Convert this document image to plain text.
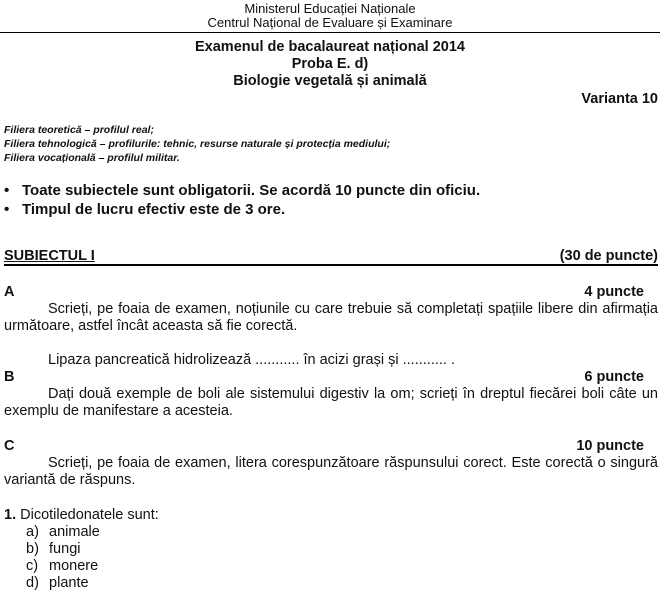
Ministerul Educației Naționale
Centrul Național de Evaluare și Examinare
Examenul de bacalaureat național 2014
Proba E. d)
Biologie vegetală și animală
Varianta 10
Filiera teoretică – profilul real;
Filiera tehnologică – profilurile: tehnic, resurse naturale și protecția mediului;
Filiera vocațională – profilul militar.
• Toate subiectele sunt obligatorii. Se acordă 10 puncte din oficiu.
• Timpul de lucru efectiv este de 3 ore.
SUBIECTUL I	(30 de puncte)
A	4 puncte
Scrieți, pe foaia de examen, noțiunile cu care trebuie să completați spațiile libere din afirmația următoare, astfel încât aceasta să fie corectă.
Lipaza pancreatică hidrolizează ........... în acizi grași și ........... .
B	6 puncte
Dați două exemple de boli ale sistemului digestiv la om; scrieți în dreptul fiecărei boli câte un exemplu de manifestare a acesteia.
C	10 puncte
Scrieți, pe foaia de examen, litera corespunzătoare răspunsului corect. Este corectă o singură variantă de răspuns.
1. Dicotiledonatele sunt:
a) animale
b) fungi
c) monere
d) plante
